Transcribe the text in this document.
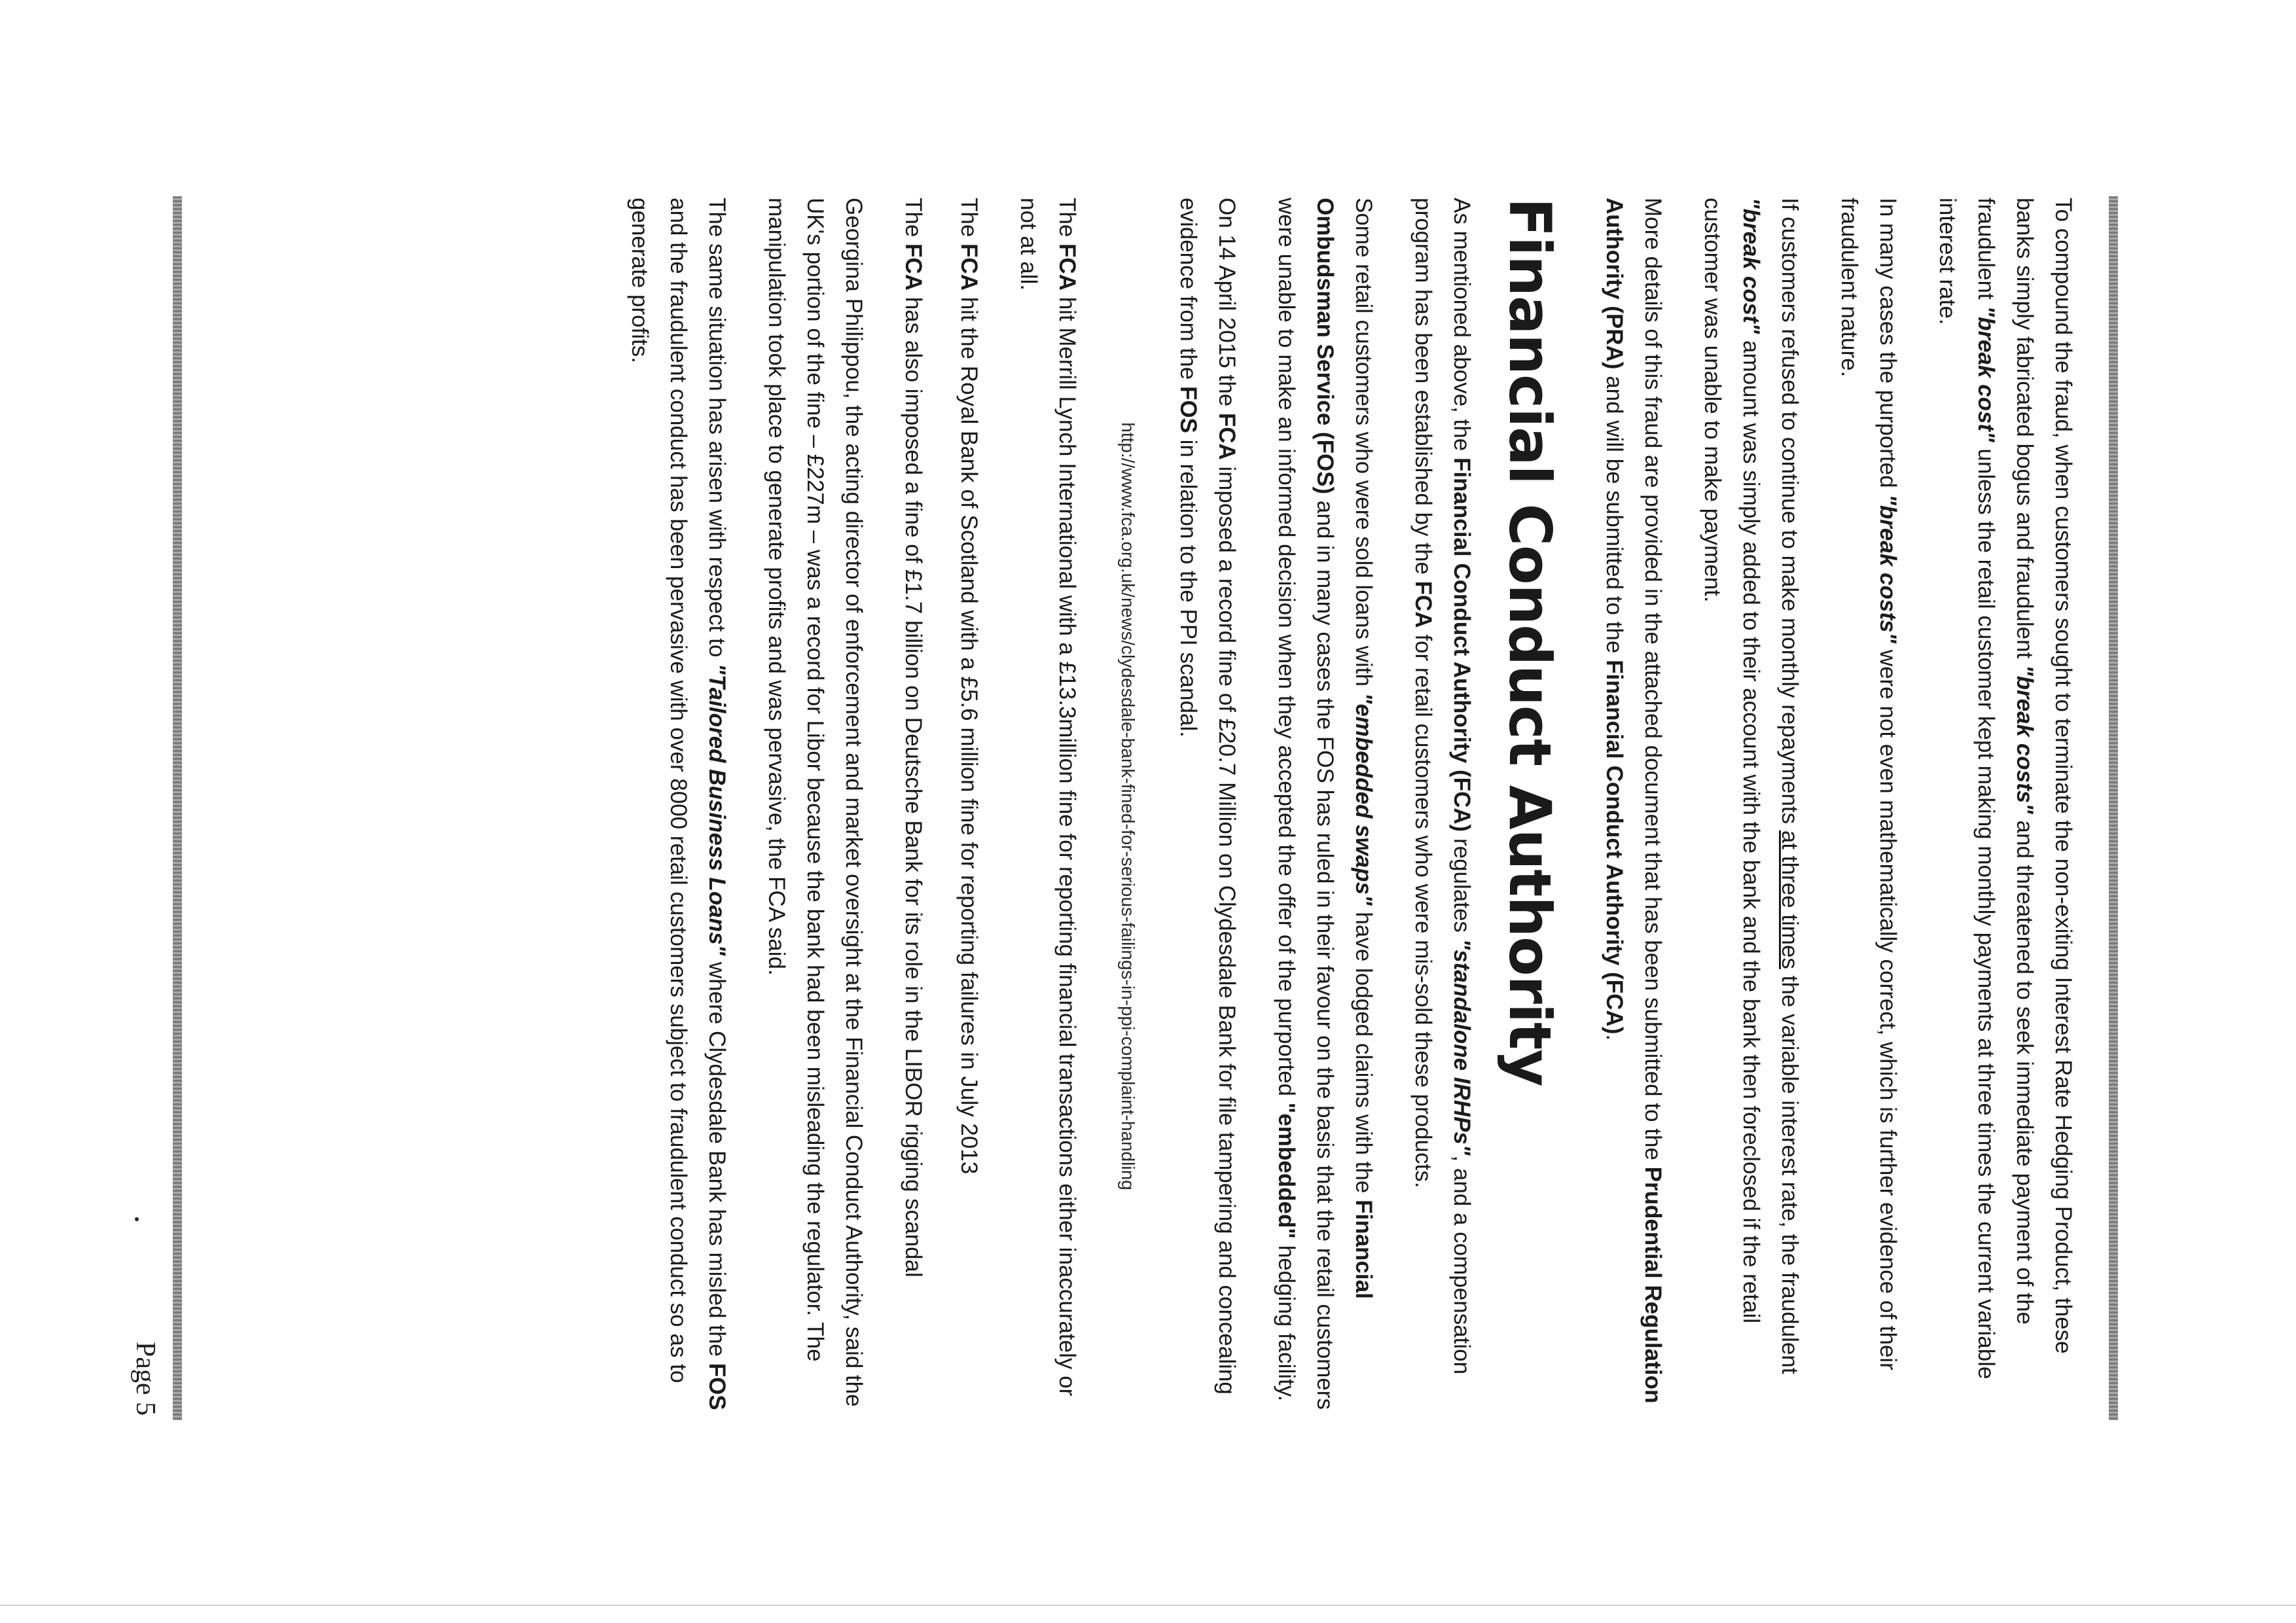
To compound the fraud, when customers sought to terminate the non-exiting Interest Rate Hedging Product, these banks simply fabricated bogus and fraudulent "break costs" and threatened to seek immediate payment of the fraudulent "break cost" unless the retail customer kept making monthly payments at three times the current variable interest rate.

In many cases the purported "break costs" were not even mathematically correct, which is further evidence of their fraudulent nature.

If customers refused to continue to make monthly repayments at three times the variable interest rate, the fraudulent "break cost" amount was simply added to their account with the bank and the bank then foreclosed if the retail customer was unable to make payment.

More details of this fraud are provided in the attached document that has been submitted to the Prudential Regulation Authority (PRA) and will be submitted to the Financial Conduct Authority (FCA).

Financial Conduct Authority

As mentioned above, the Financial Conduct Authority (FCA) regulates "standalone IRHPs", and a compensation program has been established by the FCA for retail customers who were mis-sold these products.

Some retail customers who were sold loans with "embedded swaps" have lodged claims with the Financial Ombudsman Service (FOS) and in many cases the FOS has ruled in their favour on the basis that the retail customers were unable to make an informed decision when they accepted the offer of the purported "embedded" hedging facility.

On 14 April 2015 the FCA imposed a record fine of £20.7 Million on Clydesdale Bank for file tampering and concealing evidence from the FOS in relation to the PPI scandal.

http://www.fca.org.uk/news/clydesdale-bank-fined-for-serious-failings-in-ppi-complaint-handling

The FCA hit Merrill Lynch International with a £13.3million fine for reporting financial transactions either inaccurately or not at all.

The FCA hit the Royal Bank of Scotland with a £5.6 million fine for reporting failures in July 2013

The FCA has also imposed a fine of £1.7 billion on Deutsche Bank for its role in the LIBOR rigging scandal

Georgina Philippou, the acting director of enforcement and market oversight at the Financial Conduct Authority, said the UK's portion of the fine – £227m – was a record for Libor because the bank had been misleading the regulator. The manipulation took place to generate profits and was pervasive, the FCA said.

The same situation has arisen with respect to "Tailored Business Loans" where Clydesdale Bank has misled the FOS and the fraudulent conduct has been pervasive with over 8000 retail customers subject to fraudulent conduct so as to generate profits.

Page 5
